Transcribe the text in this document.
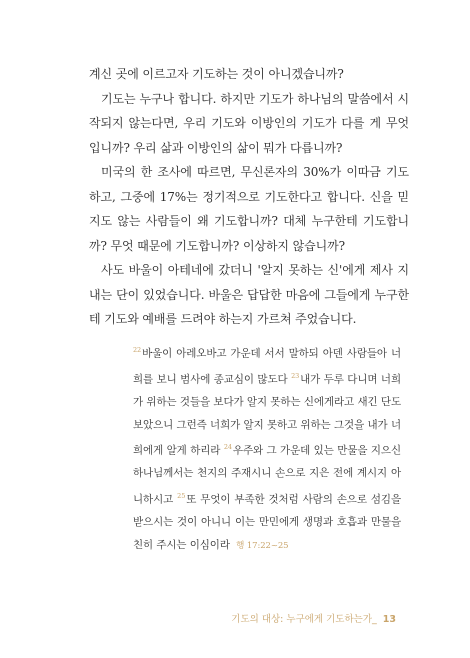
계신 곳에 이르고자 기도하는 것이 아니겠습니까?

기도는 누구나 합니다. 하지만 기도가 하나님의 말씀에서 시작되지 않는다면, 우리 기도와 이방인의 기도가 다를 게 무엇입니까? 우리 삶과 이방인의 삶이 뭐가 다릅니까?

미국의 한 조사에 따르면, 무신론자의 30%가 이따금 기도하고, 그중에 17%는 정기적으로 기도한다고 합니다. 신을 믿지도 않는 사람들이 왜 기도합니까? 대체 누구한테 기도합니까? 무엇 때문에 기도합니까? 이상하지 않습니까?

사도 바울이 아테네에 갔더니 '알지 못하는 신'에게 제사 지내는 단이 있었습니다. 바울은 답답한 마음에 그들에게 누구한테 기도와 예배를 드려야 하는지 가르쳐 주었습니다.

$^{22}$바울이 아레오바고 가운데 서서 말하되 아덴 사람들아 너희를 보니 범사에 종교심이 많도다 $^{23}$내가 두루 다니며 너희가 위하는 것들을 보다가 알지 못하는 신에게라고 새긴 단도 보았으니 그런즉 너희가 알지 못하고 위하는 그것을 내가 너희에게 알게 하리라 $^{24}$우주와 그 가운데 있는 만물을 지으신 하나님께서는 천지의 주재시니 손으로 지은 전에 계시지 아니하시고 $^{25}$또 무엇이 부족한 것처럼 사람의 손으로 섬김을 받으시는 것이 아니니 이는 만민에게 생명과 호흡과 만물을 친히 주시는 이심이라 행 17:22~25
기도의 대상: 누구에게 기도하는가_ 13
